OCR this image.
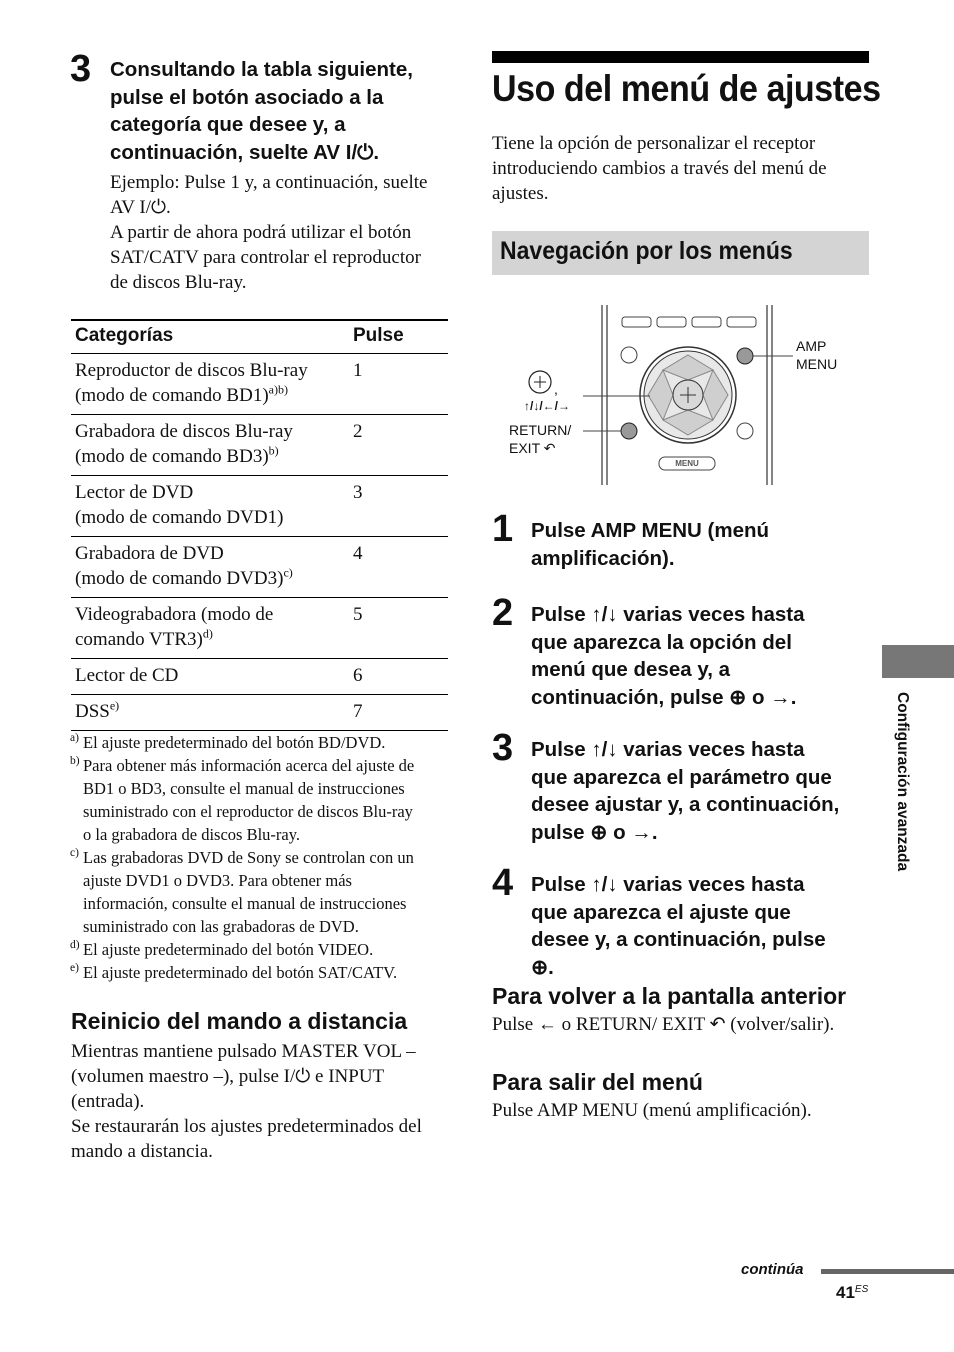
3 Consultando la tabla siguiente,
pulse el botón asociado a la
categoría que desee y, a
continuación, suelte AV I/⏻.
Ejemplo: Pulse 1 y, a continuación, suelte
AV I/⏻.
A partir de ahora podrá utilizar el botón
SAT/CATV para controlar el reproductor
de discos Blu-ray.
Categorías	Pulse
Reproductor de discos Blu-ray
(modo de comando BD1)$^{a)b)}$	1
Grabadora de discos Blu-ray
(modo de comando BD3)$^{b)}$	2
Lector de DVD
(modo de comando DVD1)	3
Grabadora de DVD
(modo de comando DVD3)$^{c)}$	4
Videograbadora (modo de
comando VTR3)$^{d)}$	5
Lector de CD	6
DSS$^{e)}$	7
a) El ajuste predeterminado del botón BD/DVD.
b) Para obtener más información acerca del ajuste de
BD1 o BD3, consulte el manual de instrucciones
suministrado con el reproductor de discos Blu-ray
o la grabadora de discos Blu-ray.
c) Las grabadoras DVD de Sony se controlan con un
ajuste DVD1 o DVD3. Para obtener más
información, consulte el manual de instrucciones
suministrado con las grabadoras de DVD.
d) El ajuste predeterminado del botón VIDEO.
e) El ajuste predeterminado del botón SAT/CATV.
Reinicio del mando a distancia
Mientras mantiene pulsado MASTER VOL –
(volumen maestro –), pulse I/⏻ e INPUT
(entrada).
Se restaurarán los ajustes predeterminados del
mando a distancia.
Uso del menú de ajustes
Tiene la opción de personalizar el receptor
introduciendo cambios a través del menú de
ajustes.
Navegación por los menús
MENU
AMP
MENU
,
↑/↓/←/→
RETURN/
EXIT ↶
1 Pulse AMP MENU (menú
amplificación).
2 Pulse ↑/↓ varias veces hasta
que aparezca la opción del
menú que desea y, a
continuación, pulse ⊕ o →.
3 Pulse ↑/↓ varias veces hasta
que aparezca el parámetro que
desee ajustar y, a continuación,
pulse ⊕ o →.
4 Pulse ↑/↓ varias veces hasta
que aparezca el ajuste que
desee y, a continuación, pulse
⊕.
Para volver a la pantalla anterior
Pulse ← o RETURN/ EXIT ↶ (volver/salir).
Para salir del menú
Pulse AMP MENU (menú amplificación).
Configuración avanzada
continúa
$41^{ES}$
